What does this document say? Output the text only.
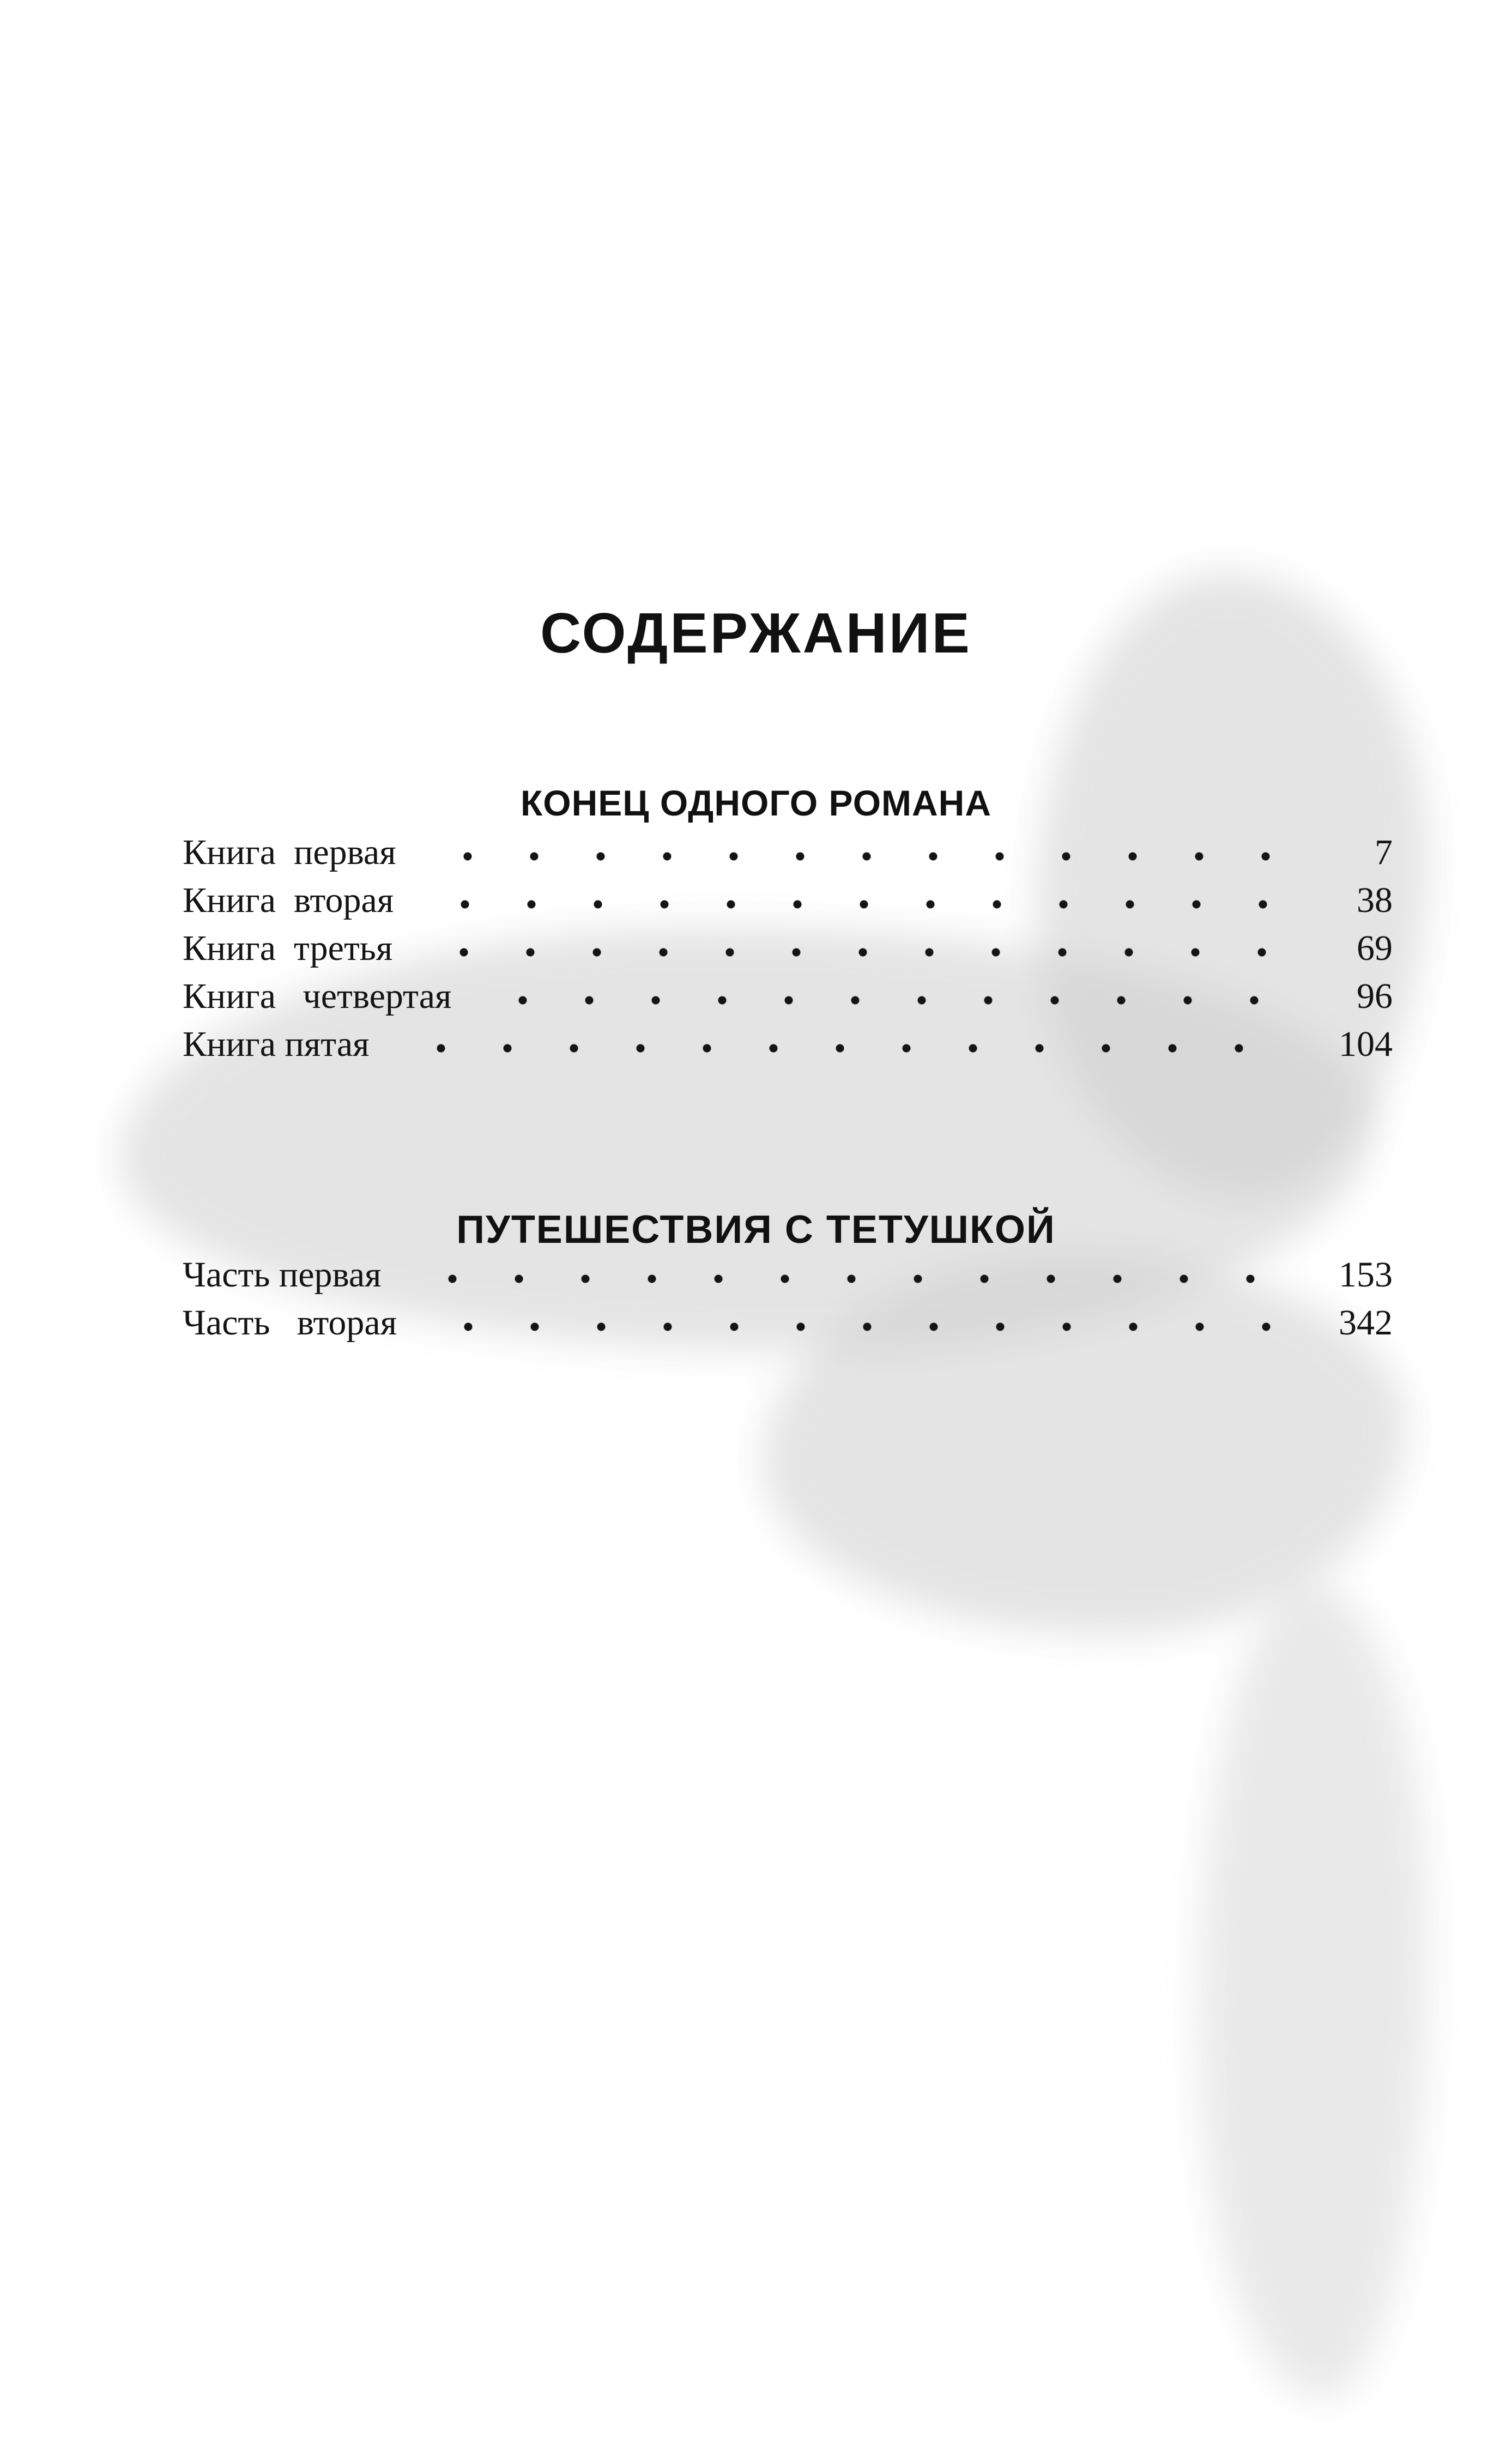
СОДЕРЖАНИЕ
КОНЕЦ ОДНОГО РОМАНА
Книга  первая	7
Книга  вторая	38
Книга  третья	69
Книга   четвертая	96
Книга пятая	104
ПУТЕШЕСТВИЯ С ТЕТУШКОЙ
Часть первая	153
Часть   вторая	342
